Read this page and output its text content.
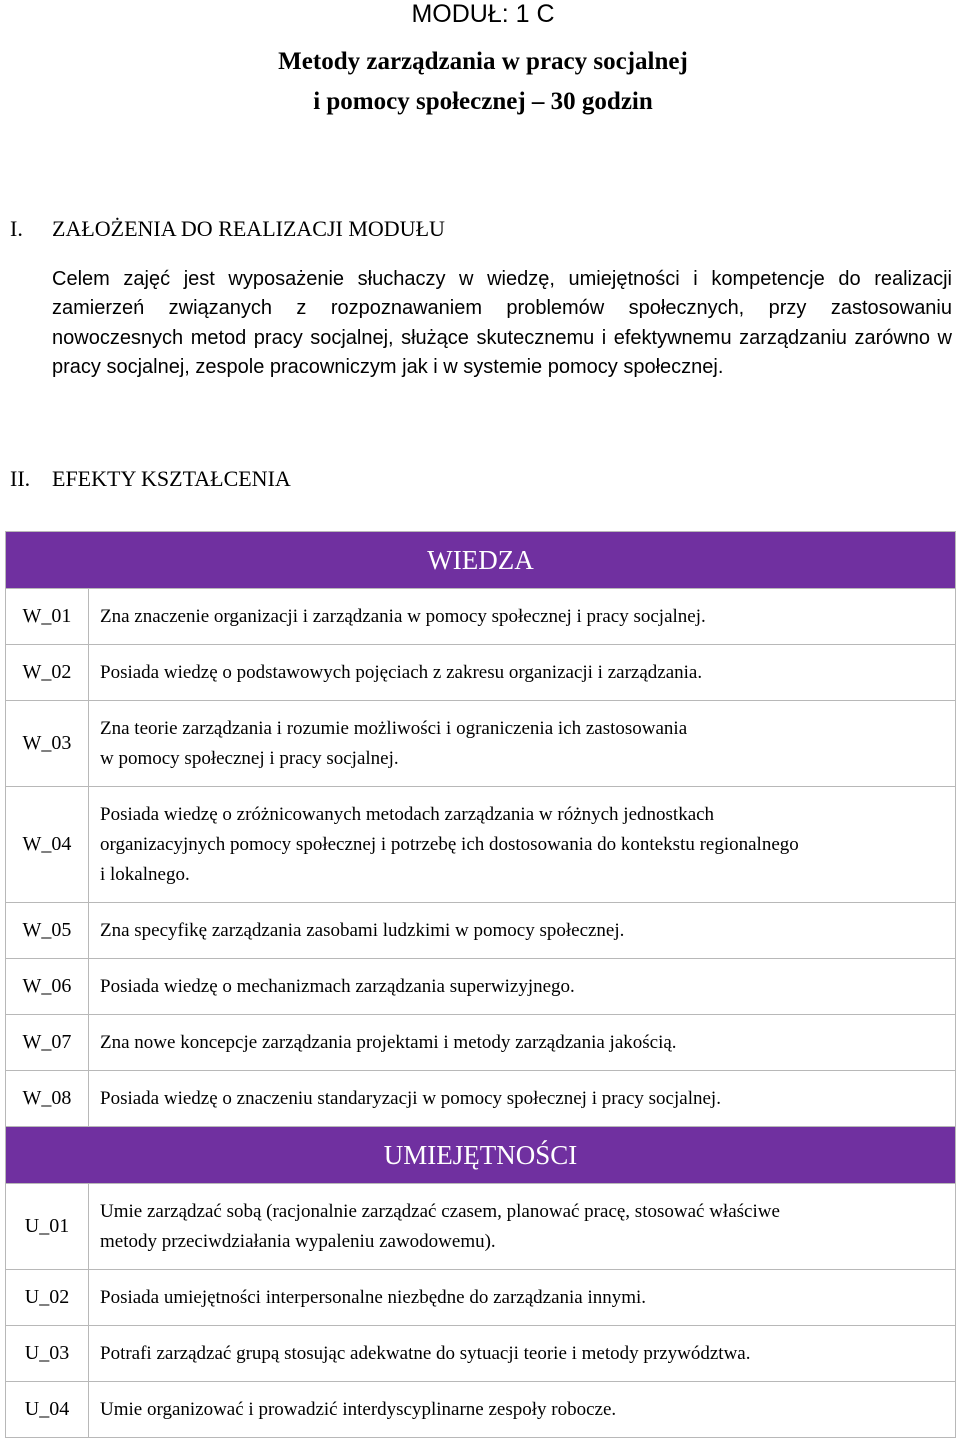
MODUŁ: 1 C
Metody zarządzania w pracy socjalnej
i pomocy społecznej – 30 godzin
I. ZAŁOŻENIA DO REALIZACJI MODUŁU
Celem zajęć jest wyposażenie słuchaczy w wiedzę, umiejętności i kompetencje do realizacji zamierzeń związanych z rozpoznawaniem problemów społecznych, przy zastosowaniu nowoczesnych metod pracy socjalnej, służące skutecznemu i efektywnemu zarządzaniu zarówno w pracy socjalnej, zespole pracowniczym jak i w systemie pomocy społecznej.
II. EFEKTY KSZTAŁCENIA
WIEDZA	
W_01	Zna znaczenie organizacji i zarządzania w pomocy społecznej i pracy socjalnej.

W_02	Posiada wiedzę o podstawowych pojęciach z zakresu organizacji i zarządzania.

W_03	Zna teorie zarządzania i rozumie możliwości i ograniczenia ich zastosowania
w pomocy społecznej i pracy socjalnej.

W_04	Posiada wiedzę o zróżnicowanych metodach zarządzania w różnych jednostkach
organizacyjnych pomocy społecznej i potrzebę ich dostosowania do kontekstu regionalnego
i lokalnego.

W_05	Zna specyfikę zarządzania zasobami ludzkimi w pomocy społecznej.

W_06	Posiada wiedzę o mechanizmach zarządzania superwizyjnego.

W_07	Zna nowe koncepcje zarządzania projektami i metody zarządzania jakością.

W_08	Posiada wiedzę o znaczeniu standaryzacji w pomocy społecznej i pracy socjalnej.

UMIEJĘTNOŚCI	
U_01	Umie zarządzać sobą (racjonalnie zarządzać czasem, planować pracę, stosować właściwe
metody przeciwdziałania wypaleniu zawodowemu).

U_02	Posiada umiejętności interpersonalne niezbędne do zarządzania innymi.

U_03	Potrafi zarządzać grupą stosując adekwatne do sytuacji teorie i metody przywództwa.

U_04	Umie organizować i prowadzić interdyscyplinarne zespoły robocze.
